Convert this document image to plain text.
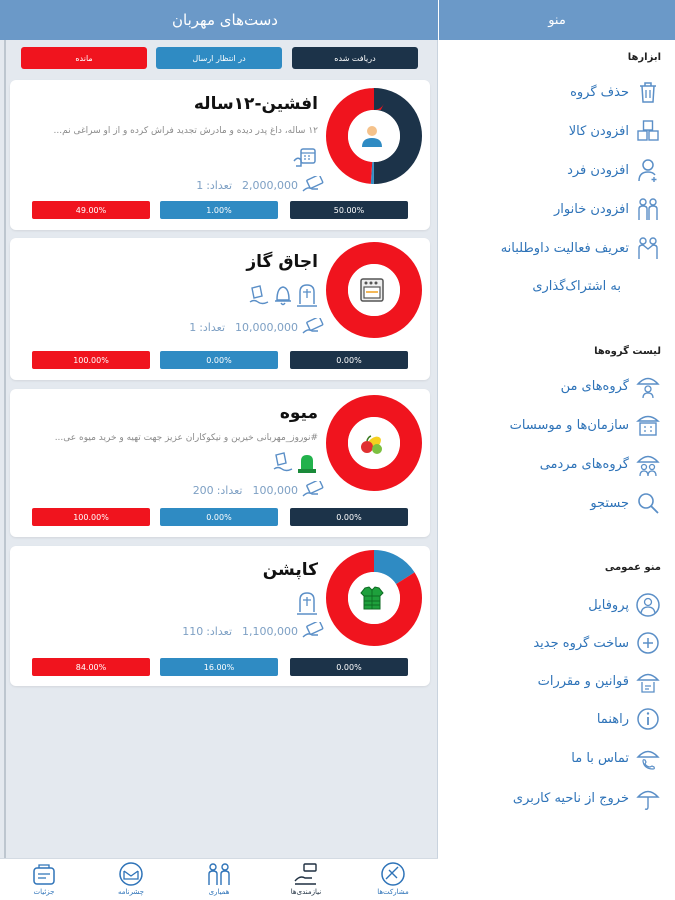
دست‌های مهربان
مانده	در انتظار ارسال	دریافت شده
افشین-۱۲ساله
۱۲ ساله، داغ پدر دیده و مادرش تجدید فراش کرده و از او سراغی نم...
2,000,000
تعداد:
1
50.00%
1.00%
49.00%
اجاق گاز
10,000,000
تعداد:
1
0.00%
0.00%
100.00%
میوه
#نوروز_مهربانی خیرین و نیکوکاران عزیز جهت تهیه و خرید میوه عی...
100,000
تعداد:
200
0.00%
0.00%
100.00%
کاپشن
1,100,000
تعداد:
110
0.00%
16.00%
84.00%
جزئیات	چشرنامه	همیاری	نیازمندی‌ها	مشارکت‌ها
منو
ابزارها
حذف گروه
افزودن کالا
افزودن فرد
افزودن خانوار
تعریف فعالیت داوطلبانه
به اشتراک‌گذاری
لیست گروه‌ها
گروه‌های من
سازمان‌ها و موسسات
گروه‌های مردمی
جستجو
منو عمومی
پروفایل
ساخت گروه جدید
قوانین و مقررات
راهنما
تماس با ما
خروج از ناحیه کاربری
